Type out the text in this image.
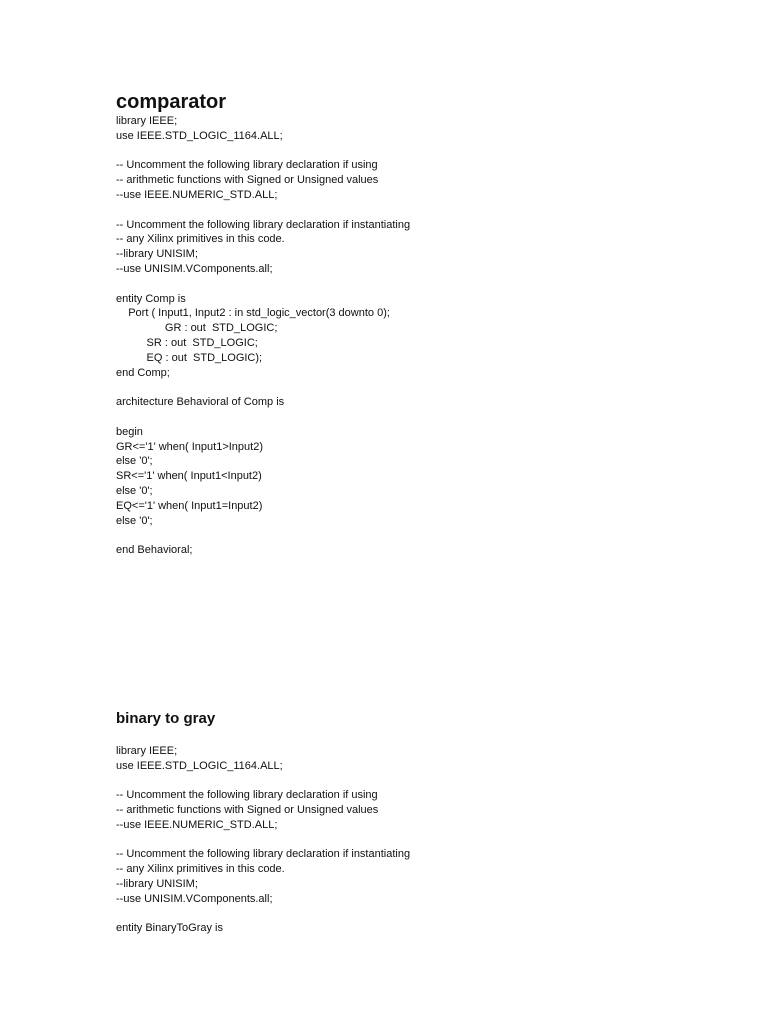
comparator
library IEEE;
use IEEE.STD_LOGIC_1164.ALL;
-- Uncomment the following library declaration if using
-- arithmetic functions with Signed or Unsigned values
--use IEEE.NUMERIC_STD.ALL;
-- Uncomment the following library declaration if instantiating
-- any Xilinx primitives in this code.
--library UNISIM;
--use UNISIM.VComponents.all;
entity Comp is
Port ( Input1, Input2 : in std_logic_vector(3 downto 0);
GR : out  STD_LOGIC;
SR : out  STD_LOGIC;
EQ : out  STD_LOGIC);
end Comp;
architecture Behavioral of Comp is
begin
GR<='1' when( Input1>Input2)
else '0';
SR<='1' when( Input1<Input2)
else '0';
EQ<='1' when( Input1=Input2)
else '0';
end Behavioral;
binary to gray
library IEEE;
use IEEE.STD_LOGIC_1164.ALL;
-- Uncomment the following library declaration if using
-- arithmetic functions with Signed or Unsigned values
--use IEEE.NUMERIC_STD.ALL;
-- Uncomment the following library declaration if instantiating
-- any Xilinx primitives in this code.
--library UNISIM;
--use UNISIM.VComponents.all;
entity BinaryToGray is
